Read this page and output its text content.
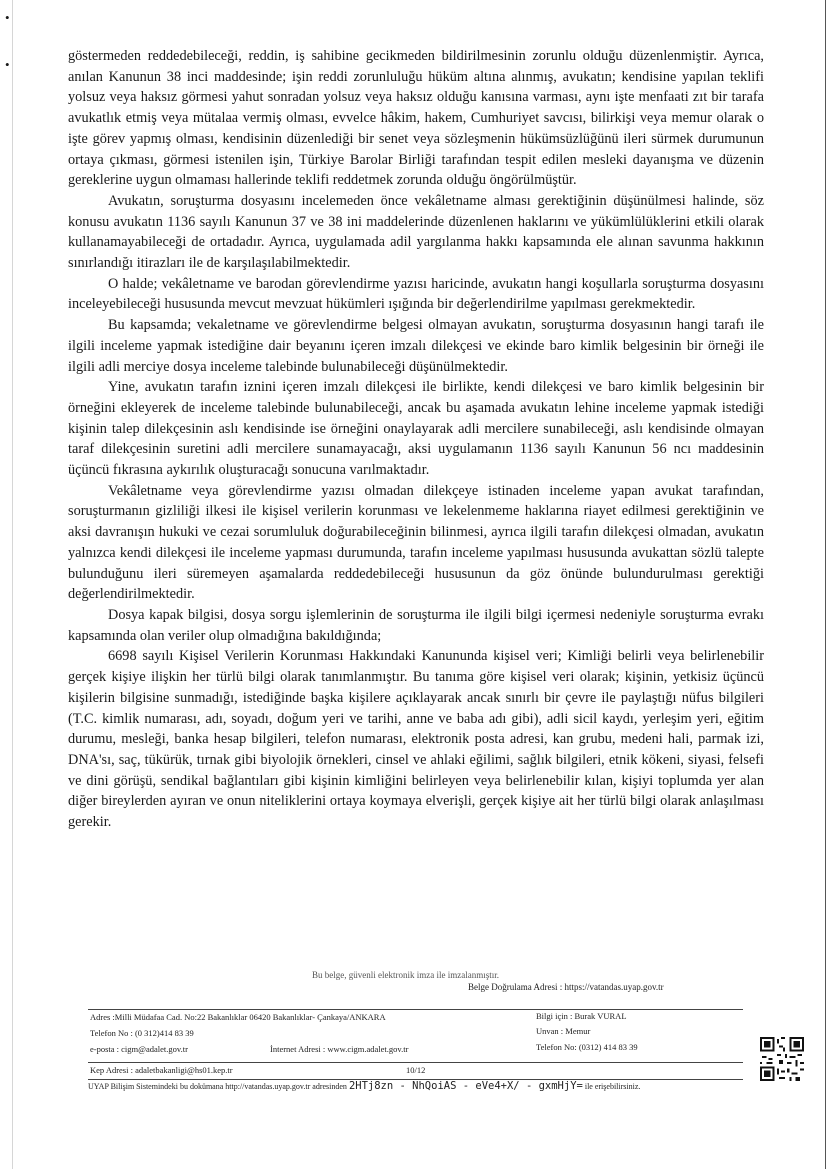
•
•

göstermeden reddedebileceği, reddin, iş sahibine gecikmeden bildirilmesinin zorunlu olduğu düzenlenmiştir. Ayrıca, anılan Kanunun 38 inci maddesinde; işin reddi zorunluluğu hüküm altına alınmış, avukatın; kendisine yapılan teklifi yolsuz veya haksız görmesi yahut sonradan yolsuz veya haksız olduğu kanısına varması, aynı işte menfaati zıt bir tarafa avukatlık etmiş veya mütalaa vermiş olması, evvelce hâkim, hakem, Cumhuriyet savcısı, bilirkişi veya memur olarak o işte görev yapmış olması, kendisinin düzenlediği bir senet veya sözleşmenin hükümsüzlüğünü ileri sürmek durumunun ortaya çıkması, görmesi istenilen işin, Türkiye Barolar Birliği tarafından tespit edilen mesleki dayanışma ve düzenin gereklerine uygun olmaması hallerinde teklifi reddetmek zorunda olduğu öngörülmüştür.

Avukatın, soruşturma dosyasını incelemeden önce vekâletname alması gerektiğinin düşünülmesi halinde, söz konusu avukatın 1136 sayılı Kanunun 37 ve 38 ini maddelerinde düzenlenen haklarını ve yükümlülüklerini etkili olarak kullanamayabileceği de ortadadır. Ayrıca, uygulamada adil yargılanma hakkı kapsamında ele alınan savunma hakkının sınırlandığı itirazları ile de karşılaşılabilmektedir.

O halde; vekâletname ve barodan görevlendirme yazısı haricinde, avukatın hangi koşullarla soruşturma dosyasını inceleyebileceği hususunda mevcut mevzuat hükümleri ışığında bir değerlendirilme yapılması gerekmektedir.

Bu kapsamda; vekaletname ve görevlendirme belgesi olmayan avukatın, soruşturma dosyasının hangi tarafı ile ilgili inceleme yapmak istediğine dair beyanını içeren imzalı dilekçesi ve ekinde baro kimlik belgesinin bir örneği ile ilgili adli merciye dosya inceleme talebinde bulunabileceği düşünülmektedir.

Yine, avukatın tarafın iznini içeren imzalı dilekçesi ile birlikte, kendi dilekçesi ve baro kimlik belgesinin bir örneğini ekleyerek de inceleme talebinde bulunabileceği, ancak bu aşamada avukatın lehine inceleme yapmak istediği kişinin talep dilekçesinin aslı kendisinde ise örneğini onaylayarak adli mercilere sunabileceği, aslı kendisinde olmayan taraf dilekçesinin suretini adli mercilere sunamayacağı, aksi uygulamanın 1136 sayılı Kanunun 56 ncı maddesinin üçüncü fıkrasına aykırılık oluşturacağı sonucuna varılmaktadır.

Vekâletname veya görevlendirme yazısı olmadan dilekçeye istinaden inceleme yapan avukat tarafından, soruşturmanın gizliliği ilkesi ile kişisel verilerin korunması ve lekelenmeme haklarına riayet edilmesi gerektiğinin ve aksi davranışın hukuki ve cezai sorumluluk doğurabileceğinin bilinmesi, ayrıca ilgili tarafın dilekçesi olmadan, avukatın yalnızca kendi dilekçesi ile inceleme yapması durumunda, tarafın inceleme yapılması hususunda avukattan sözlü talepte bulunduğunu ileri süremeyen aşamalarda reddedebileceği hususunun da göz önünde bulundurulması gerektiği değerlendirilmektedir.

Dosya kapak bilgisi, dosya sorgu işlemlerinin de soruşturma ile ilgili bilgi içermesi nedeniyle soruşturma evrakı kapsamında olan veriler olup olmadığına bakıldığında;

6698 sayılı Kişisel Verilerin Korunması Hakkındaki Kanununda kişisel veri; Kimliği belirli veya belirlenebilir gerçek kişiye ilişkin her türlü bilgi olarak tanımlanmıştır. Bu tanıma göre kişisel veri olarak; kişinin, yetkisiz üçüncü kişilerin bilgisine sunmadığı, istediğinde başka kişilere açıklayarak ancak sınırlı bir çevre ile paylaştığı nüfus bilgileri (T.C. kimlik numarası, adı, soyadı, doğum yeri ve tarihi, anne ve baba adı gibi), adli sicil kaydı, yerleşim yeri, eğitim durumu, mesleği, banka hesap bilgileri, telefon numarası, elektronik posta adresi, kan grubu, medeni hali, parmak izi, DNA'sı, saç, tükürük, tırnak gibi biyolojik örnekleri, cinsel ve ahlaki eğilimi, sağlık bilgileri, etnik kökeni, siyasi, felsefi ve dini görüşü, sendikal bağlantıları gibi kişinin kimliğini belirleyen veya belirlenebilir kılan, kişiyi toplumda yer alan diğer bireylerden ayıran ve onun niteliklerini ortaya koymaya elverişli, gerçek kişiye ait her türlü bilgi olarak anlaşılması gerekir.

Bu belge, güvenli elektronik imza ile imzalanmıştır.
Belge Doğrulama Adresi : https://vatandas.uyap.gov.tr
Adres :Milli Müdafaa Cad. No:22 Bakanlıklar 06420 Bakanlıklar- Çankaya/ANKARA
Telefon No : (0 312)414 83 39
e-posta : cigm@adalet.gov.tr	İnternet Adresi : www.cigm.adalet.gov.tr
Bilgi için : Burak VURAL
Unvan : Memur
Telefon No: (0312) 414 83 39
Kep Adresi : adaletbakanligi@hs01.kep.tr	10/12
UYAP Bilişim Sistemindeki bu dokümana http://vatandas.uyap.gov.tr adresinden 2HTj8zn - NhQoiAS - eVe4+X/ - gxmHjY= ile erişebilirsiniz.
